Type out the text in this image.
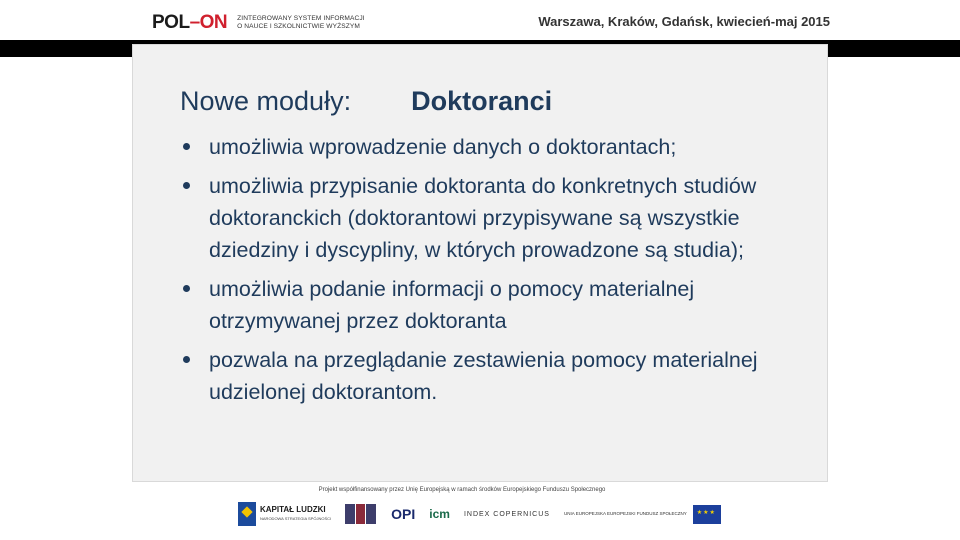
POL–ON ZINTEGROWANY SYSTEM INFORMACJI O NAUCE I SZKOLNICTWIE WYŻSZYM	Warszawa, Kraków, Gdańsk, kwiecień-maj 2015
Nowe moduły: Doktoranci
umożliwia wprowadzenie danych o doktorantach;
umożliwia przypisanie doktoranta do konkretnych studiów doktoranckich (doktorantowi przypisywane są wszystkie dziedziny i dyscypliny, w których prowadzone są studia);
umożliwia podanie informacji o pomocy materialnej otrzymywanej przez doktoranta
pozwala na przeglądanie zestawienia pomocy materialnej udzielonej doktorantom.
Projekt współfinansowany przez Unię Europejską w ramach środków Europejskiego Funduszu Społecznego
KAPITAŁ LUDZKI
NARODOWA STRATEGIA SPÓJNOŚCI	OPI icm INDEX COPERNICUS	UNIA EUROPEJSKA EUROPEJSKI FUNDUSZ SPOŁECZNY
★★★
